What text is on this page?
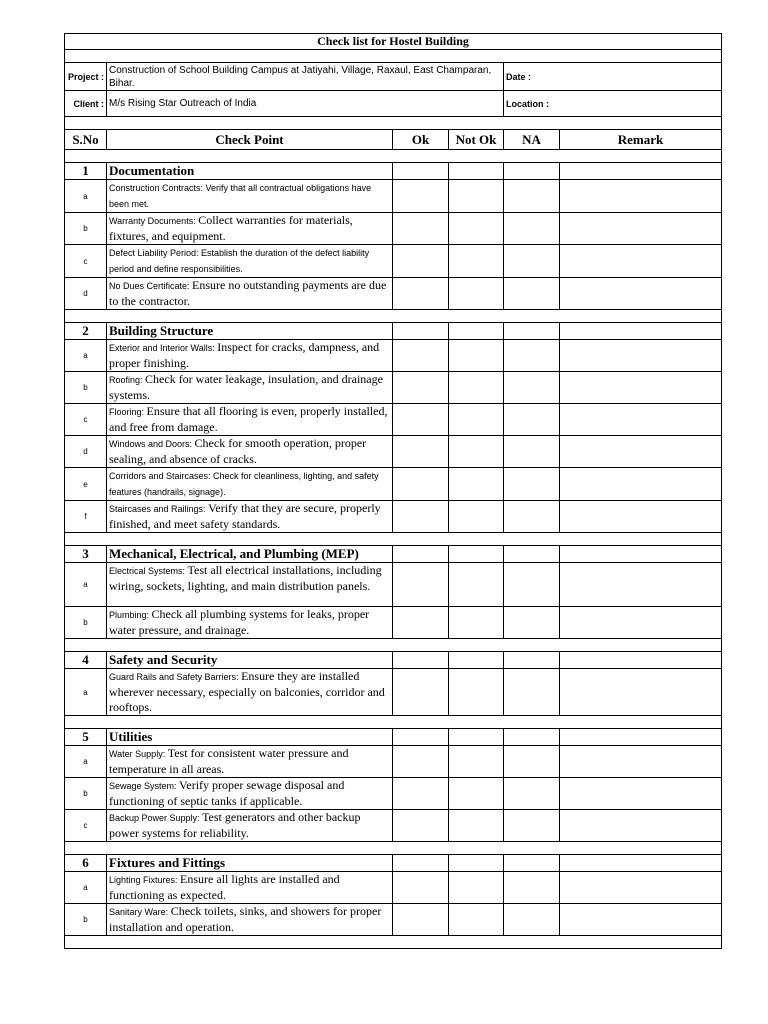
Check list for Hostel Building					

Project :	Construction of School Building Campus at Jatiyahi, Village, Raxaul, East Champaran, Bihar.			Date :	
Client :	M/s Rising Star Outreach of India			Location :	

S.No	Check Point	Ok	Not Ok	NA	Remark

1	Documentation				
a	Construction Contracts: Verify that all contractual obligations have been met.				
b	Warranty Documents: Collect warranties for materials, fixtures, and equipment.				
c	Defect Liability Period: Establish the duration of the defect liability period and define responsibilities.				
d	No Dues Certificate: Ensure no outstanding payments are due to the contractor.				

2	Building Structure				
a	Exterior and Interior Walls: Inspect for cracks, dampness, and proper finishing.				
b	Roofing: Check for water leakage, insulation, and drainage systems.				
c	Flooring: Ensure that all flooring is even, properly installed, and free from damage.				
d	Windows and Doors: Check for smooth operation, proper sealing, and absence of cracks.				
e	Corridors and Staircases: Check for cleanliness, lighting, and safety features (handrails, signage).				
f	Staircases and Railings: Verify that they are secure, properly finished, and meet safety standards.				

3	Mechanical, Electrical, and Plumbing (MEP)				
a	Electrical Systems: Test all electrical installations, including wiring, sockets, lighting, and main distribution panels.

b	Plumbing: Check all plumbing systems for leaks, proper water pressure, and drainage.				

4	Safety and Security				
a	Guard Rails and Safety Barriers: Ensure they are installed wherever necessary, especially on balconies, corridor and rooftops.				

5	Utilities				
a	Water Supply: Test for consistent water pressure and temperature in all areas.				
b	Sewage System: Verify proper sewage disposal and functioning of septic tanks if applicable.				
c	Backup Power Supply: Test generators and other backup power systems for reliability.				

6	Fixtures and Fittings				
a	Lighting Fixtures: Ensure all lights are installed and functioning as expected.				
b	Sanitary Ware: Check toilets, sinks, and showers for proper installation and operation.				
